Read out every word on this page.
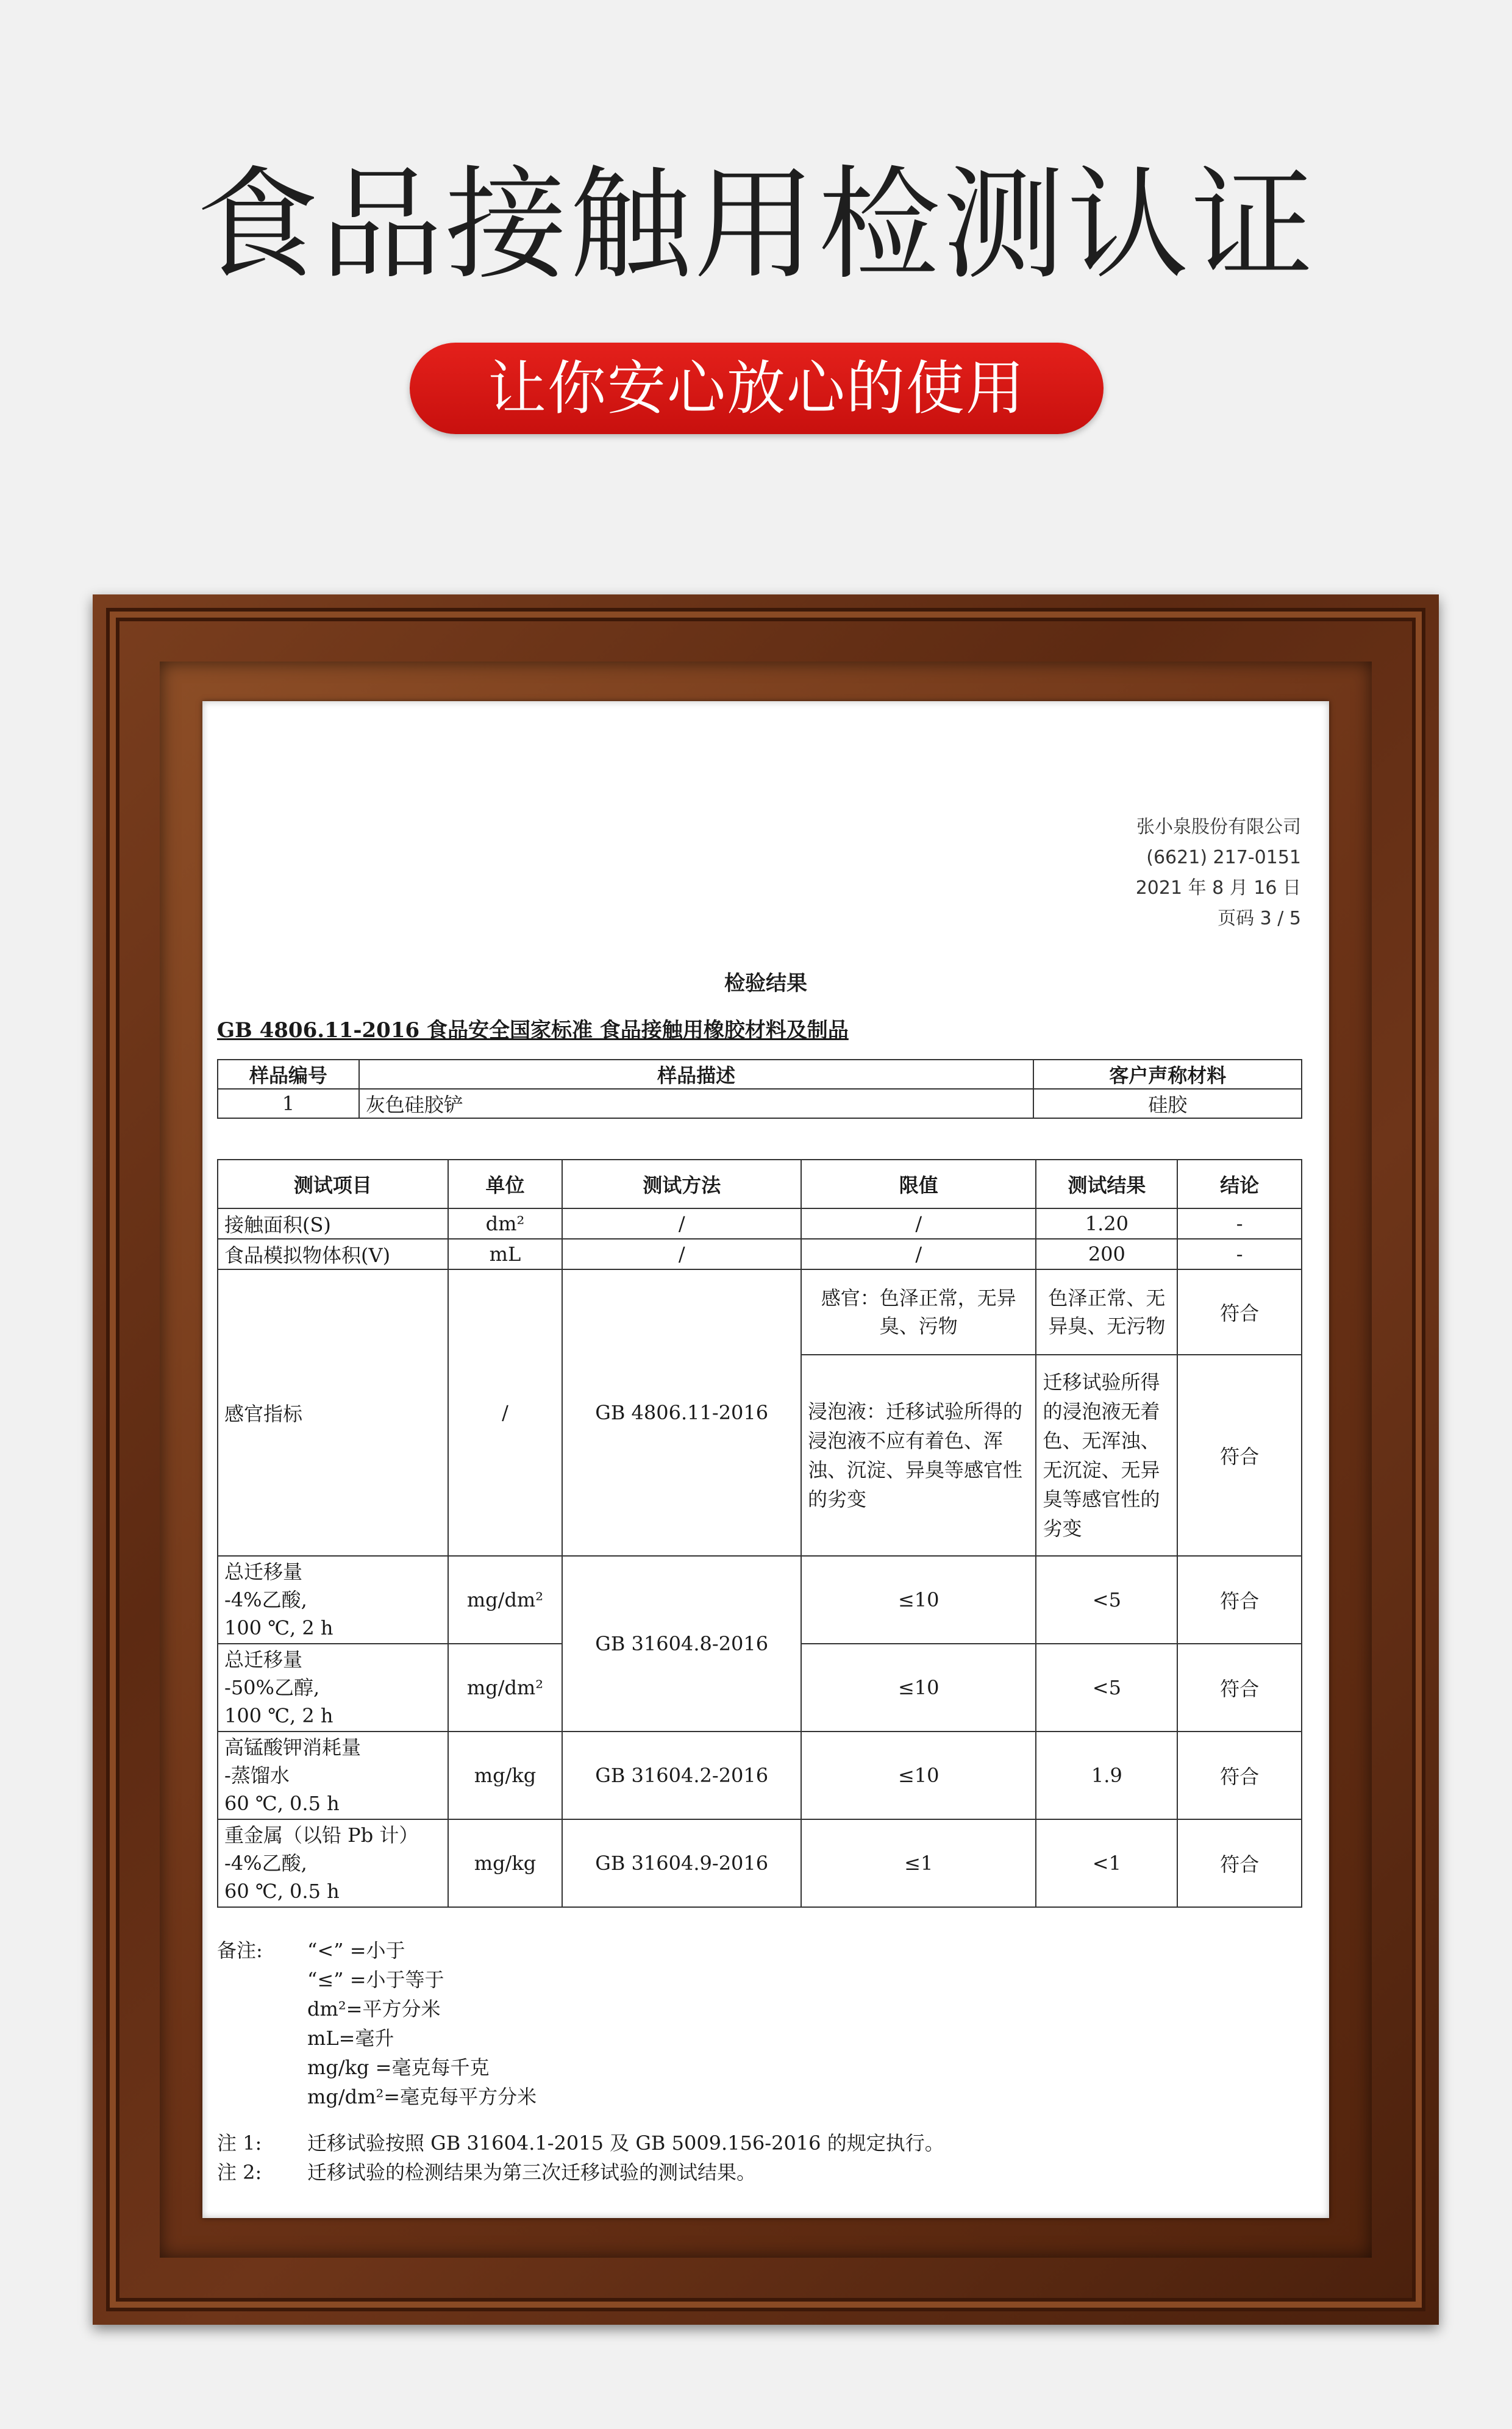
食品接触用检测认证
让你安心放心的使用
张小泉股份有限公司
(6621) 217-0151
2021 年 8 月 16 日
页码 3 / 5
检验结果
GB 4806.11-2016 食品安全国家标准 食品接触用橡胶材料及制品
样品编号	样品描述	客户声称材料
1	灰色硅胶铲	硅胶
测试项目	单位	测试方法	限值	测试结果	结论
接触面积(S)	dm²	/	/	1.20	-
食品模拟物体积(V)	mL	/	/	200	-
感官指标	/	GB 4806.11-2016	感官：色泽正常，无异臭、污物	色泽正常、无异臭、无污物	符合
			浸泡液：迁移试验所得的浸泡液不应有着色、浑浊、沉淀、异臭等感官性的劣变	迁移试验所得的浸泡液无着色、无浑浊、无沉淀、无异臭等感官性的劣变	符合

总迁移量
-4%乙酸,
100 ℃, 2 h	mg/dm²	GB 31604.8-2016	≤10	<5	符合

总迁移量
-50%乙醇,
100 ℃, 2 h	mg/dm²		≤10	<5	符合

高锰酸钾消耗量
-蒸馏水
60 ℃, 0.5 h	mg/kg	GB 31604.2-2016	≤10	1.9	符合

重金属（以铅 Pb 计）
-4%乙酸,
60 ℃, 0.5 h	mg/kg	GB 31604.9-2016	≤1	<1	符合
备注: “<” =小于
“≤” =小于等于
dm²=平方分米
mL=毫升
mg/kg =毫克每千克
mg/dm²=毫克每平方分米
注 1: 迁移试验按照 GB 31604.1-2015 及 GB 5009.156-2016 的规定执行。
注 2: 迁移试验的检测结果为第三次迁移试验的测试结果。
